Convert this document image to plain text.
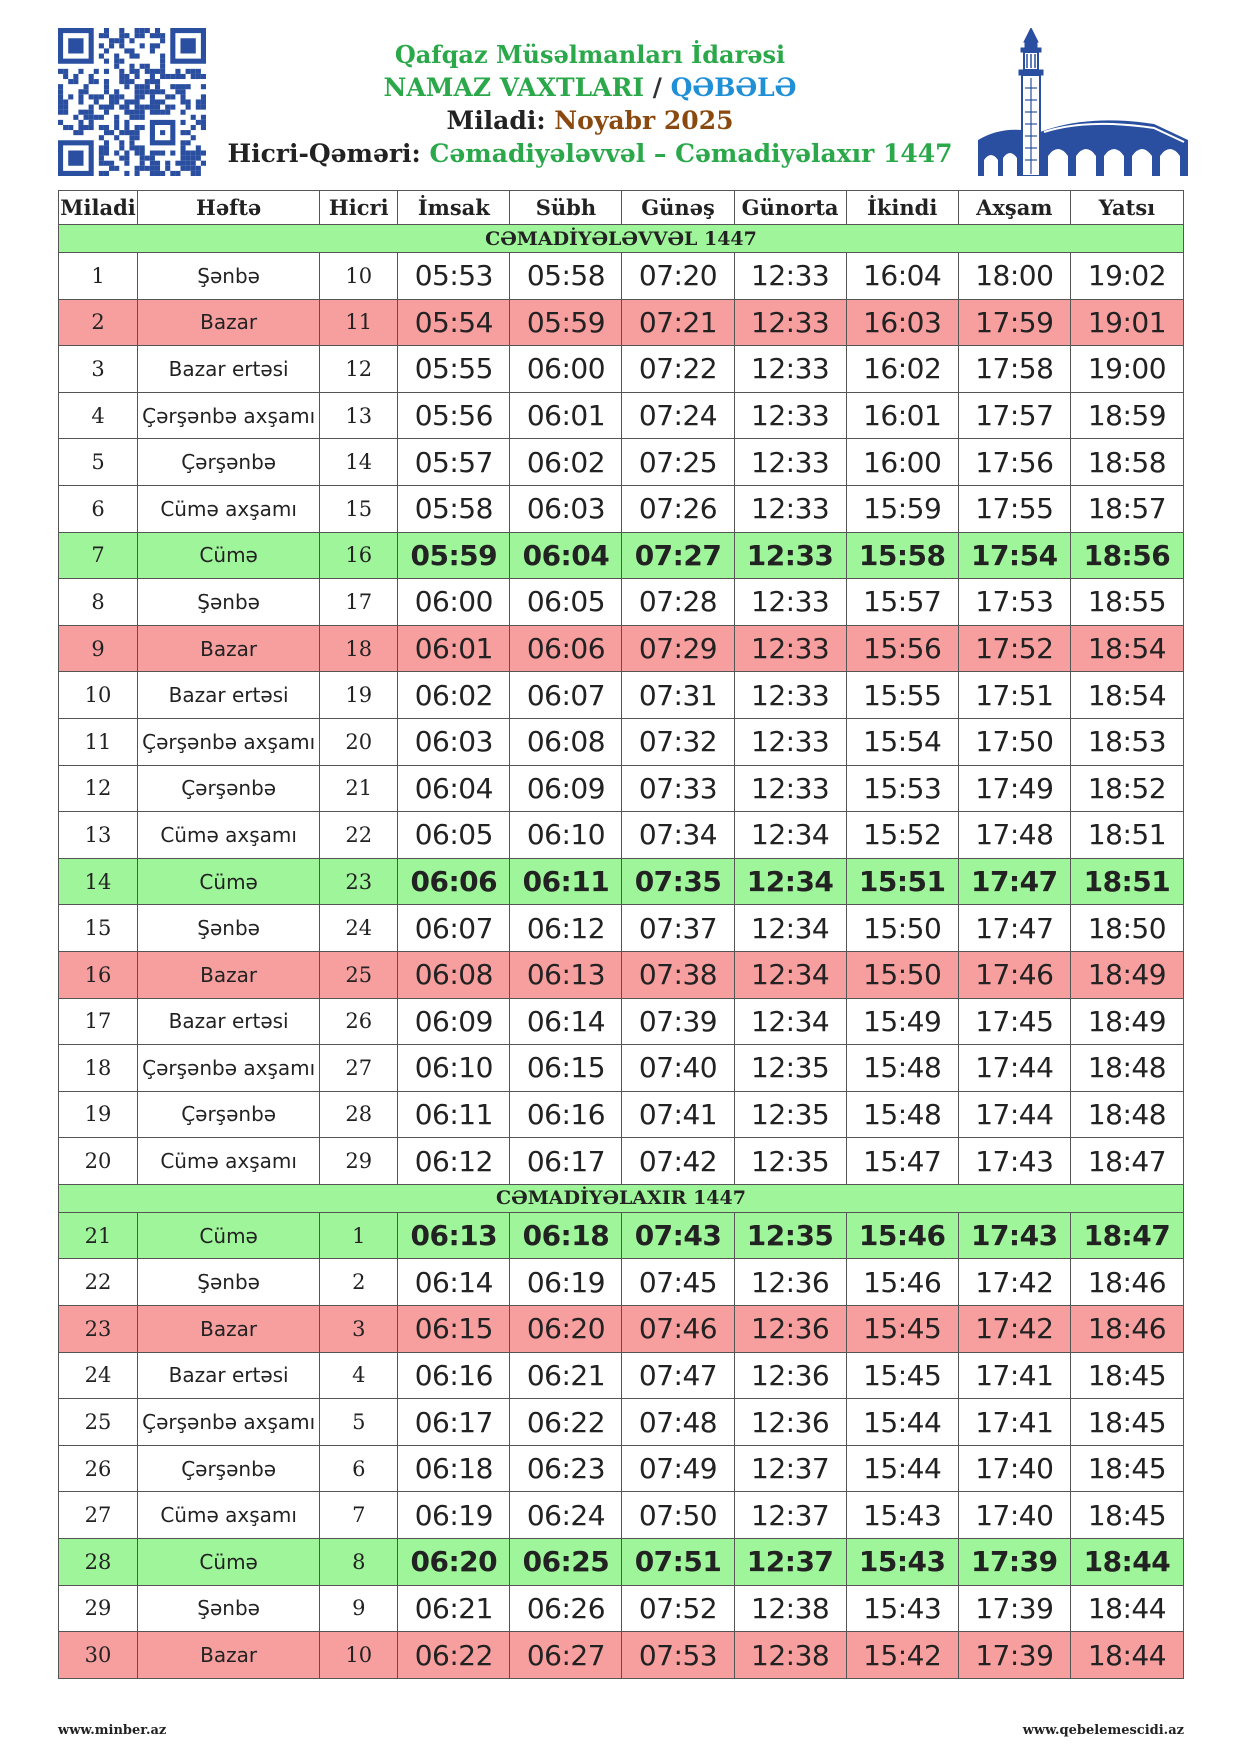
Qafqaz Müsəlmanları İdarəsi
NAMAZ VAXTLARI / QƏBƏLƏ
Miladi: Noyabr 2025
Hicri-Qəməri: Cəmadiyələvvəl – Cəmadiyəlaxır 1447
Miladi	Həftə	Hicri	İmsak	Sübh	Günəş	Günorta	İkindi	Axşam	Yatsı
CƏMADİYƏLƏVVƏL 1447									
1	Şənbə	10	05:53	05:58	07:20	12:33	16:04	18:00	19:02
2	Bazar	11	05:54	05:59	07:21	12:33	16:03	17:59	19:01
3	Bazar ertəsi	12	05:55	06:00	07:22	12:33	16:02	17:58	19:00
4	Çərşənbə axşamı	13	05:56	06:01	07:24	12:33	16:01	17:57	18:59
5	Çərşənbə	14	05:57	06:02	07:25	12:33	16:00	17:56	18:58
6	Cümə axşamı	15	05:58	06:03	07:26	12:33	15:59	17:55	18:57
7	Cümə	16	05:59	06:04	07:27	12:33	15:58	17:54	18:56
8	Şənbə	17	06:00	06:05	07:28	12:33	15:57	17:53	18:55
9	Bazar	18	06:01	06:06	07:29	12:33	15:56	17:52	18:54
10	Bazar ertəsi	19	06:02	06:07	07:31	12:33	15:55	17:51	18:54
11	Çərşənbə axşamı	20	06:03	06:08	07:32	12:33	15:54	17:50	18:53
12	Çərşənbə	21	06:04	06:09	07:33	12:33	15:53	17:49	18:52
13	Cümə axşamı	22	06:05	06:10	07:34	12:34	15:52	17:48	18:51
14	Cümə	23	06:06	06:11	07:35	12:34	15:51	17:47	18:51
15	Şənbə	24	06:07	06:12	07:37	12:34	15:50	17:47	18:50
16	Bazar	25	06:08	06:13	07:38	12:34	15:50	17:46	18:49
17	Bazar ertəsi	26	06:09	06:14	07:39	12:34	15:49	17:45	18:49
18	Çərşənbə axşamı	27	06:10	06:15	07:40	12:35	15:48	17:44	18:48
19	Çərşənbə	28	06:11	06:16	07:41	12:35	15:48	17:44	18:48
20	Cümə axşamı	29	06:12	06:17	07:42	12:35	15:47	17:43	18:47
CƏMADİYƏLAXIR 1447									
21	Cümə	1	06:13	06:18	07:43	12:35	15:46	17:43	18:47
22	Şənbə	2	06:14	06:19	07:45	12:36	15:46	17:42	18:46
23	Bazar	3	06:15	06:20	07:46	12:36	15:45	17:42	18:46
24	Bazar ertəsi	4	06:16	06:21	07:47	12:36	15:45	17:41	18:45
25	Çərşənbə axşamı	5	06:17	06:22	07:48	12:36	15:44	17:41	18:45
26	Çərşənbə	6	06:18	06:23	07:49	12:37	15:44	17:40	18:45
27	Cümə axşamı	7	06:19	06:24	07:50	12:37	15:43	17:40	18:45
28	Cümə	8	06:20	06:25	07:51	12:37	15:43	17:39	18:44
29	Şənbə	9	06:21	06:26	07:52	12:38	15:43	17:39	18:44
30	Bazar	10	06:22	06:27	07:53	12:38	15:42	17:39	18:44
www.minber.az	www.qebelemescidi.az
